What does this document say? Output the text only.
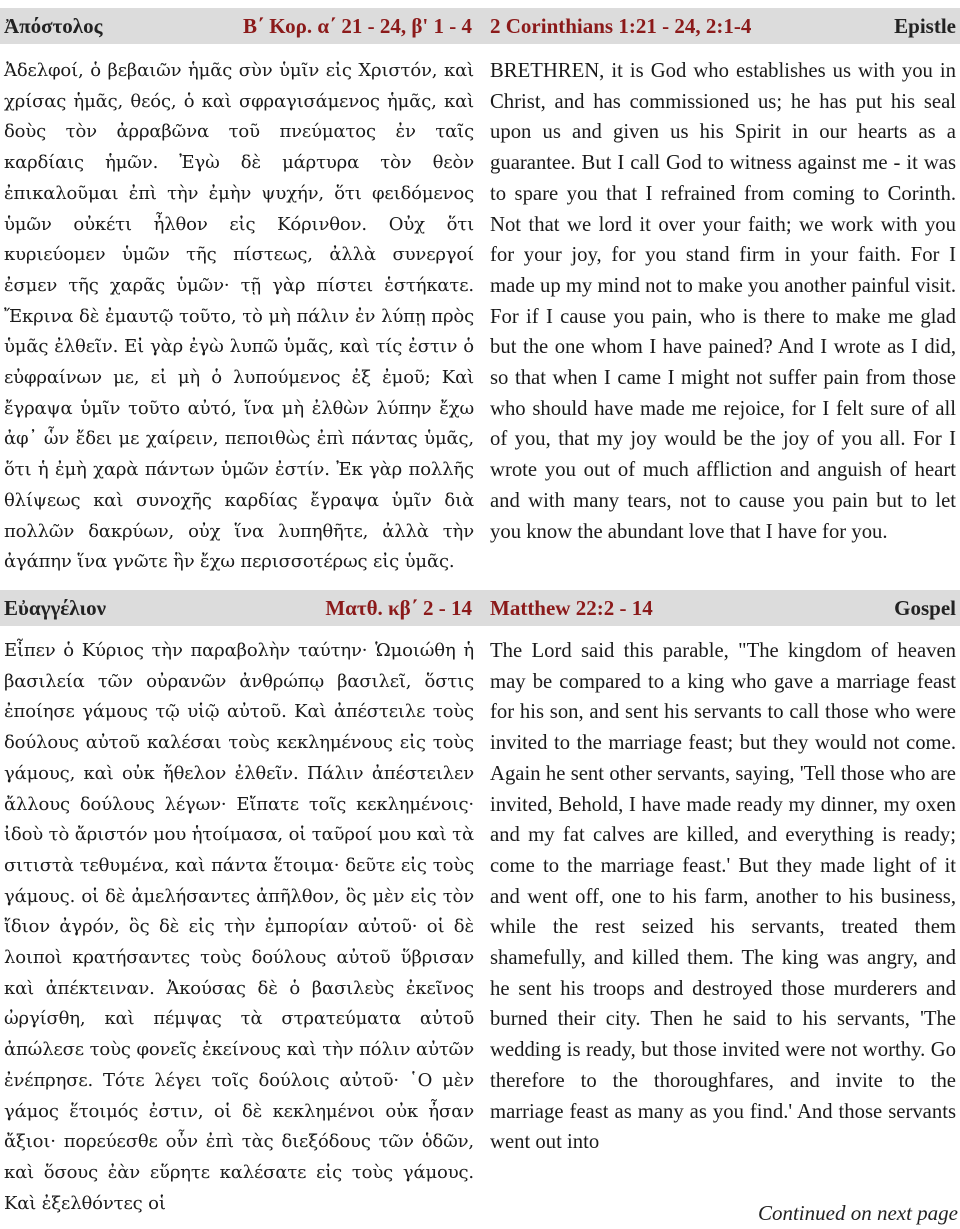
Ἀπόστολος	Β΄ Κορ. α΄ 21 - 24, β' 1 - 4 2 Corinthians 1:21 - 24, 2:1-4	Epistle
Ἀδελφοί, ὁ βεβαιῶν ἡμᾶς σὺν ὑμῖν εἰς Χριστόν, καὶ χρίσας ἡμᾶς, θεός, ὁ καὶ σφραγισάμενος ἡμᾶς, καὶ δοὺς τὸν ἀρραβῶνα τοῦ πνεύματος ἐν ταῖς καρδίαις ἡμῶν. Ἐγὼ δὲ μάρτυρα τὸν θεὸν ἐπικαλοῦμαι ἐπὶ τὴν ἐμὴν ψυχήν, ὅτι φειδόμενος ὑμῶν οὐκέτι ἦλθον εἰς Κόρινθον. Οὐχ ὅτι κυριεύομεν ὑμῶν τῆς πίστεως, ἀλλὰ συνεργοί ἐσμεν τῆς χαρᾶς ὑμῶν· τῇ γὰρ πίστει ἑστήκατε. Ἔκρινα δὲ ἐμαυτῷ τοῦτο, τὸ μὴ πάλιν ἐν λύπῃ πρὸς ὑμᾶς ἐλθεῖν. Εἰ γὰρ ἐγὼ λυπῶ ὑμᾶς, καὶ τίς ἐστιν ὁ εὐφραίνων με, εἰ μὴ ὁ λυπούμενος ἐξ ἐμοῦ; Καὶ ἔγραψα ὑμῖν τοῦτο αὐτό, ἵνα μὴ ἐλθὼν λύπην ἔχω ἀφ᾽ ὧν ἔδει με χαίρειν, πεποιθὼς ἐπὶ πάντας ὑμᾶς, ὅτι ἡ ἐμὴ χαρὰ πάντων ὑμῶν ἐστίν. Ἐκ γὰρ πολλῆς θλίψεως καὶ συνοχῆς καρδίας ἔγραψα ὑμῖν διὰ πολλῶν δακρύων, οὐχ ἵνα λυπηθῆτε, ἀλλὰ τὴν ἀγάπην ἵνα γνῶτε ἣν ἔχω περισσοτέρως εἰς ὑμᾶς.
BRETHREN, it is God who establishes us with you in Christ, and has commissioned us; he has put his seal upon us and given us his Spirit in our hearts as a guarantee. But I call God to witness against me - it was to spare you that I refrained from coming to Corinth. Not that we lord it over your faith; we work with you for your joy, for you stand firm in your faith. For I made up my mind not to make you another painful visit. For if I cause you pain, who is there to make me glad but the one whom I have pained? And I wrote as I did, so that when I came I might not suffer pain from those who should have made me rejoice, for I felt sure of all of you, that my joy would be the joy of you all. For I wrote you out of much affliction and anguish of heart and with many tears, not to cause you pain but to let you know the abundant love that I have for you.
Εὐαγγέλιον	Ματθ. κβ΄ 2 - 14 Matthew 22:2 - 14	Gospel
Εἶπεν ὁ Κύριος τὴν παραβολὴν ταύτην· Ὡμοιώθη ἡ βασιλεία τῶν οὐρανῶν ἀνθρώπῳ βασιλεῖ, ὅστις ἐποίησε γάμους τῷ υἱῷ αὐτοῦ. Καὶ ἀπέστειλε τοὺς δούλους αὐτοῦ καλέσαι τοὺς κεκλημένους εἰς τοὺς γάμους, καὶ οὐκ ἤθελον ἐλθεῖν. Πάλιν ἀπέστειλεν ἄλλους δούλους λέγων· Εἴπατε τοῖς κεκλημένοις· ἰδοὺ τὸ ἄριστόν μου ἡτοίμασα, οἱ ταῦροί μου καὶ τὰ σιτιστὰ τεθυμένα, καὶ πάντα ἕτοιμα· δεῦτε εἰς τοὺς γάμους. οἱ δὲ ἀμελήσαντες ἀπῆλθον, ὃς μὲν εἰς τὸν ἴδιον ἀγρόν, ὃς δὲ εἰς τὴν ἐμπορίαν αὐτοῦ· οἱ δὲ λοιποὶ κρατήσαντες τοὺς δούλους αὐτοῦ ὕβρισαν καὶ ἀπέκτειναν. Ἀκούσας δὲ ὁ βασιλεὺς ἐκεῖνος ὠργίσθη, καὶ πέμψας τὰ στρατεύματα αὐτοῦ ἀπώλεσε τοὺς φονεῖς ἐκείνους καὶ τὴν πόλιν αὐτῶν ἐνέπρησε. Τότε λέγει τοῖς δούλοις αὐτοῦ· ῾Ο μὲν γάμος ἕτοιμός ἐστιν, οἱ δὲ κεκλημένοι οὐκ ἦσαν ἄξιοι· πορεύεσθε οὖν ἐπὶ τὰς διεξόδους τῶν ὁδῶν, καὶ ὅσους ἐὰν εὕρητε καλέσατε εἰς τοὺς γάμους. Καὶ ἐξελθόντες οἱ
The Lord said this parable, "The kingdom of heaven may be compared to a king who gave a marriage feast for his son, and sent his servants to call those who were invited to the marriage feast; but they would not come. Again he sent other servants, saying, 'Tell those who are invited, Behold, I have made ready my dinner, my oxen and my fat calves are killed, and everything is ready; come to the marriage feast.' But they made light of it and went off, one to his farm, another to his business, while the rest seized his servants, treated them shamefully, and killed them. The king was angry, and he sent his troops and destroyed those murderers and burned their city. Then he said to his servants, 'The wedding is ready, but those invited were not worthy. Go therefore to the thoroughfares, and invite to the marriage feast as many as you find.' And those servants went out into
Continued on next page
